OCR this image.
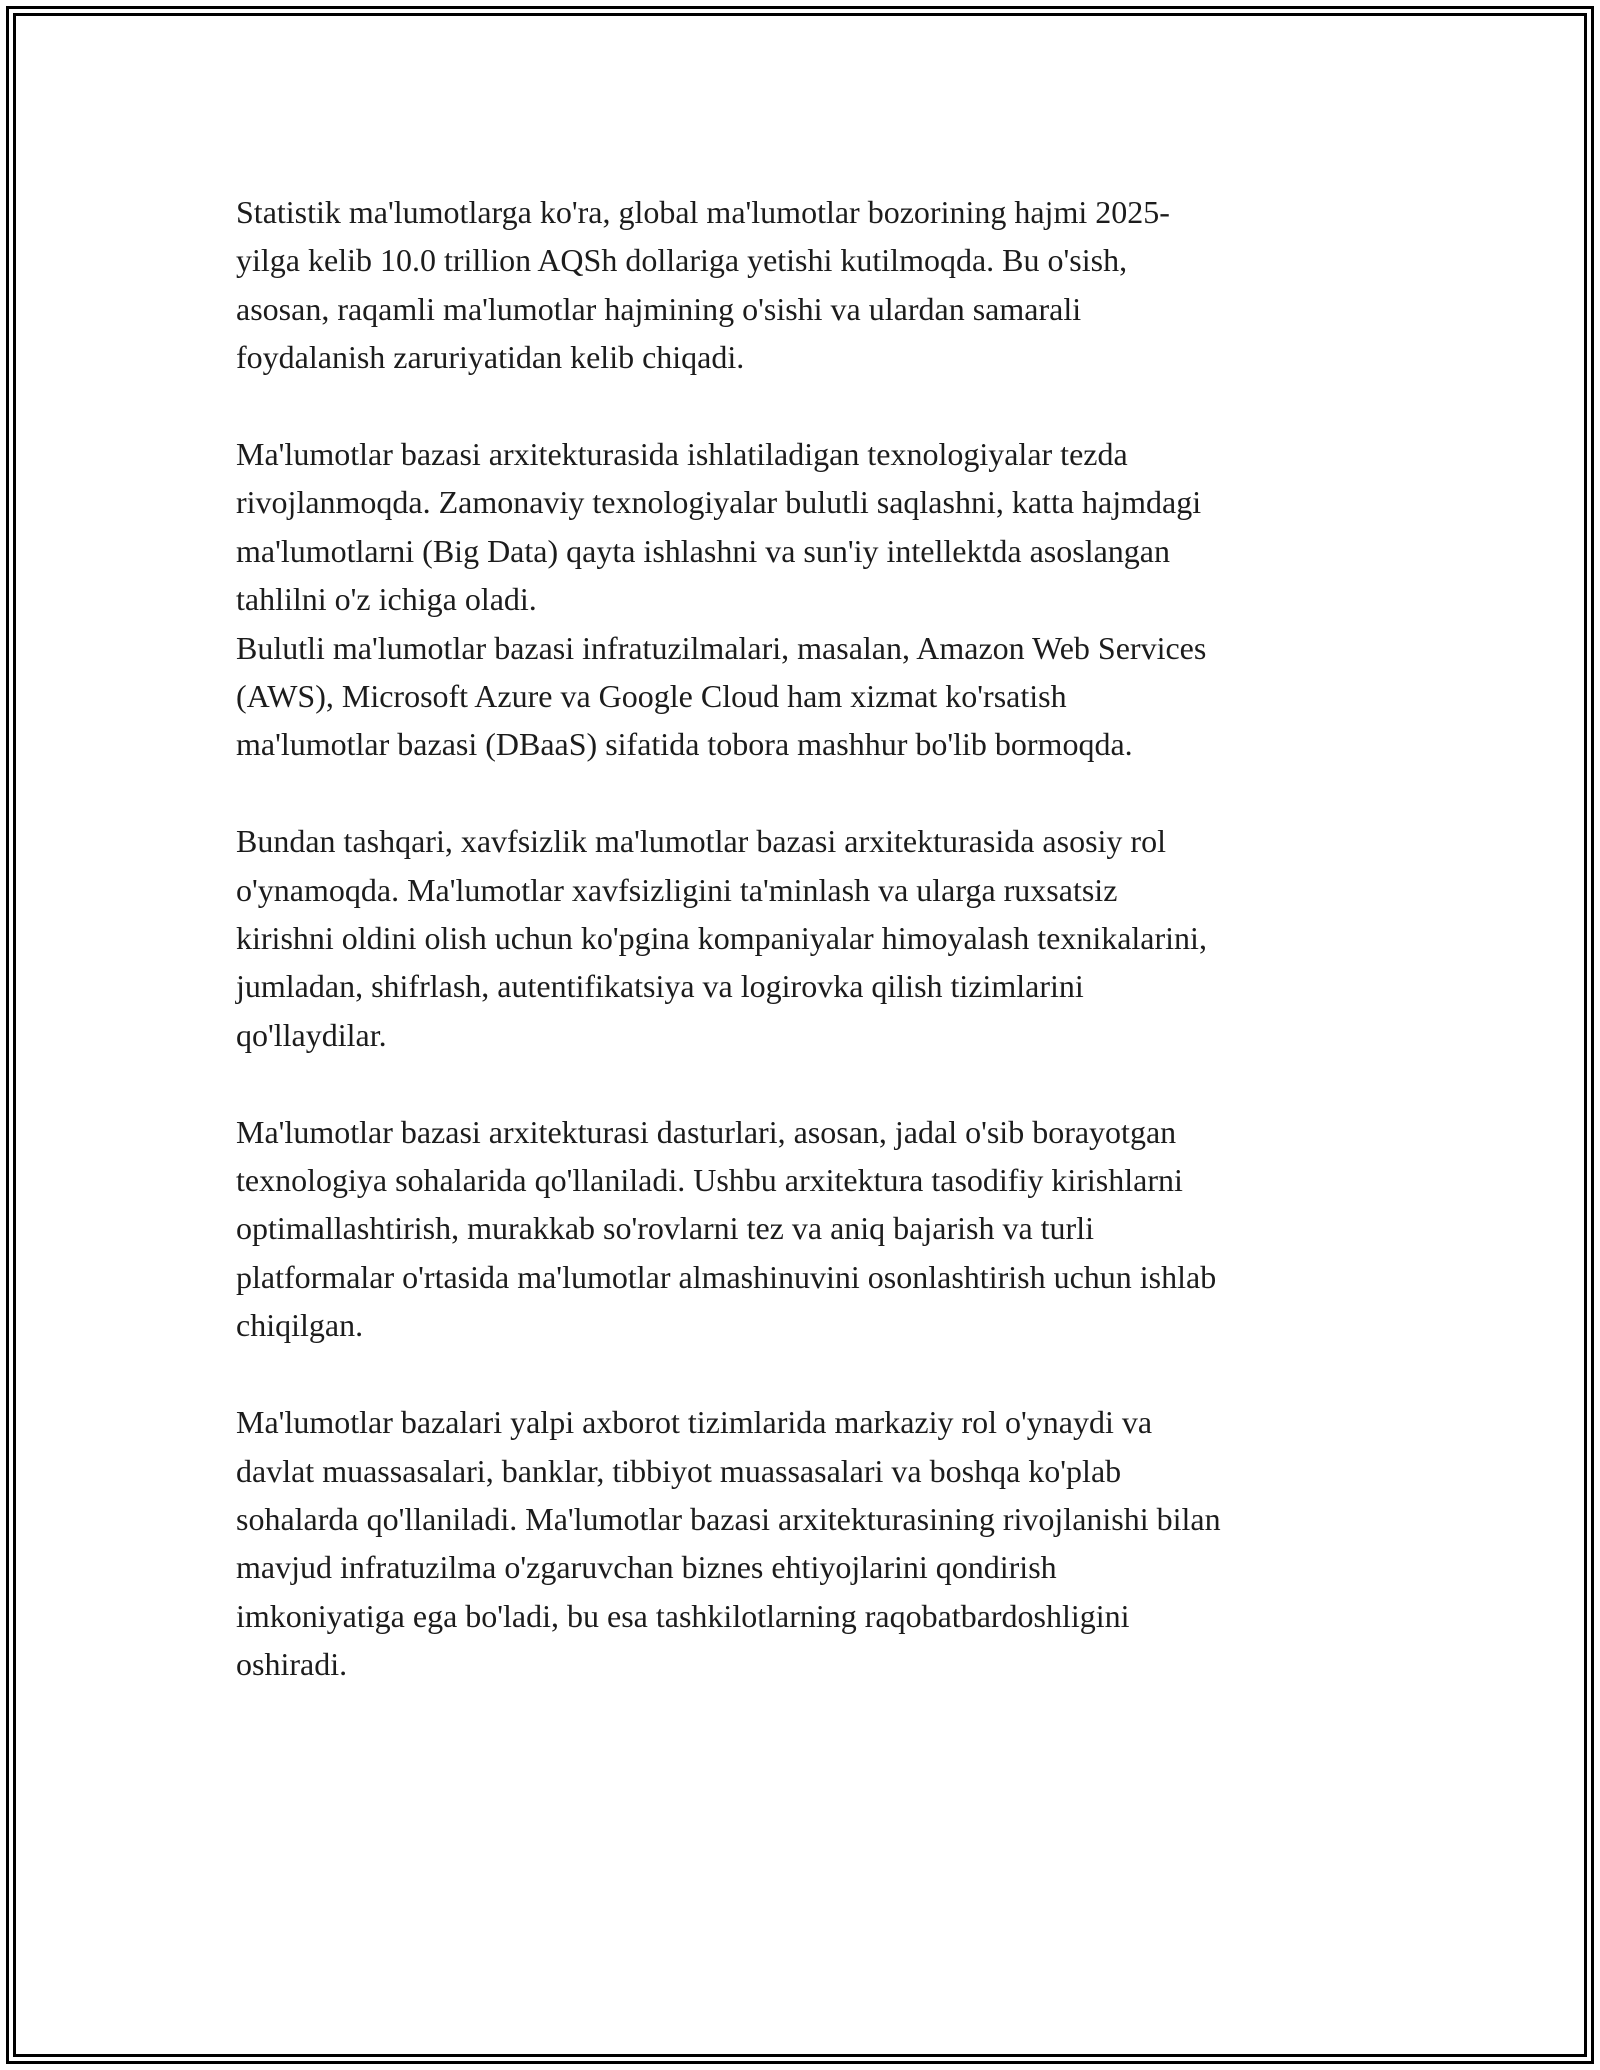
Statistik ma'lumotlarga ko'ra, global ma'lumotlar bozorining hajmi 2025-
yilga kelib 10.0 trillion AQSh dollariga yetishi kutilmoqda. Bu o'sish,
asosan, raqamli ma'lumotlar hajmining o'sishi va ulardan samarali
foydalanish zaruriyatidan kelib chiqadi.

Ma'lumotlar bazasi arxitekturasida ishlatiladigan texnologiyalar tezda
rivojlanmoqda. Zamonaviy texnologiyalar bulutli saqlashni, katta hajmdagi
ma'lumotlarni (Big Data) qayta ishlashni va sun'iy intellektda asoslangan
tahlilni o'z ichiga oladi.

Bulutli ma'lumotlar bazasi infratuzilmalari, masalan, Amazon Web Services
(AWS), Microsoft Azure va Google Cloud ham xizmat ko'rsatish
ma'lumotlar bazasi (DBaaS) sifatida tobora mashhur bo'lib bormoqda.

Bundan tashqari, xavfsizlik ma'lumotlar bazasi arxitekturasida asosiy rol
o'ynamoqda. Ma'lumotlar xavfsizligini ta'minlash va ularga ruxsatsiz
kirishni oldini olish uchun ko'pgina kompaniyalar himoyalash texnikalarini,
jumladan, shifrlash, autentifikatsiya va logirovka qilish tizimlarini
qo'llaydilar.

Ma'lumotlar bazasi arxitekturasi dasturlari, asosan, jadal o'sib borayotgan
texnologiya sohalarida qo'llaniladi. Ushbu arxitektura tasodifiy kirishlarni
optimallashtirish, murakkab so'rovlarni tez va aniq bajarish va turli
platformalar o'rtasida ma'lumotlar almashinuvini osonlashtirish uchun ishlab
chiqilgan.

Ma'lumotlar bazalari yalpi axborot tizimlarida markaziy rol o'ynaydi va
davlat muassasalari, banklar, tibbiyot muassasalari va boshqa ko'plab
sohalarda qo'llaniladi. Ma'lumotlar bazasi arxitekturasining rivojlanishi bilan
mavjud infratuzilma o'zgaruvchan biznes ehtiyojlarini qondirish
imkoniyatiga ega bo'ladi, bu esa tashkilotlarning raqobatbardoshligini
oshiradi.
